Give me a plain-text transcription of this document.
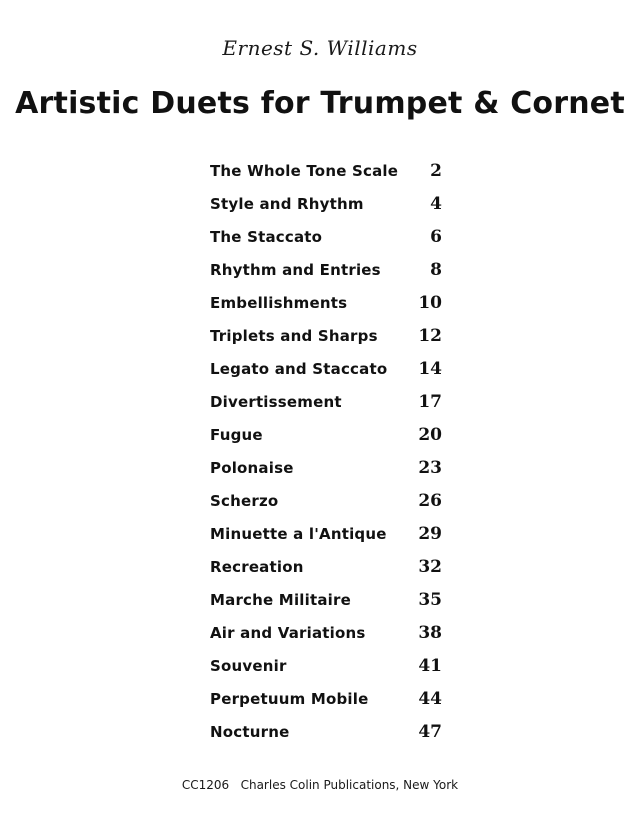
Ernest S. Williams
Artistic Duets for Trumpet & Cornet
The Whole Tone Scale	2
Style and Rhythm	4
The Staccato	6
Rhythm and Entries	8
Embellishments	10
Triplets and Sharps	12
Legato and Staccato	14
Divertissement	17
Fugue	20
Polonaise	23
Scherzo	26
Minuette a l'Antique	29
Recreation	32
Marche Militaire	35
Air and Variations	38
Souvenir	41
Perpetuum Mobile	44
Nocturne	47
CC1206   Charles Colin Publications, New York
